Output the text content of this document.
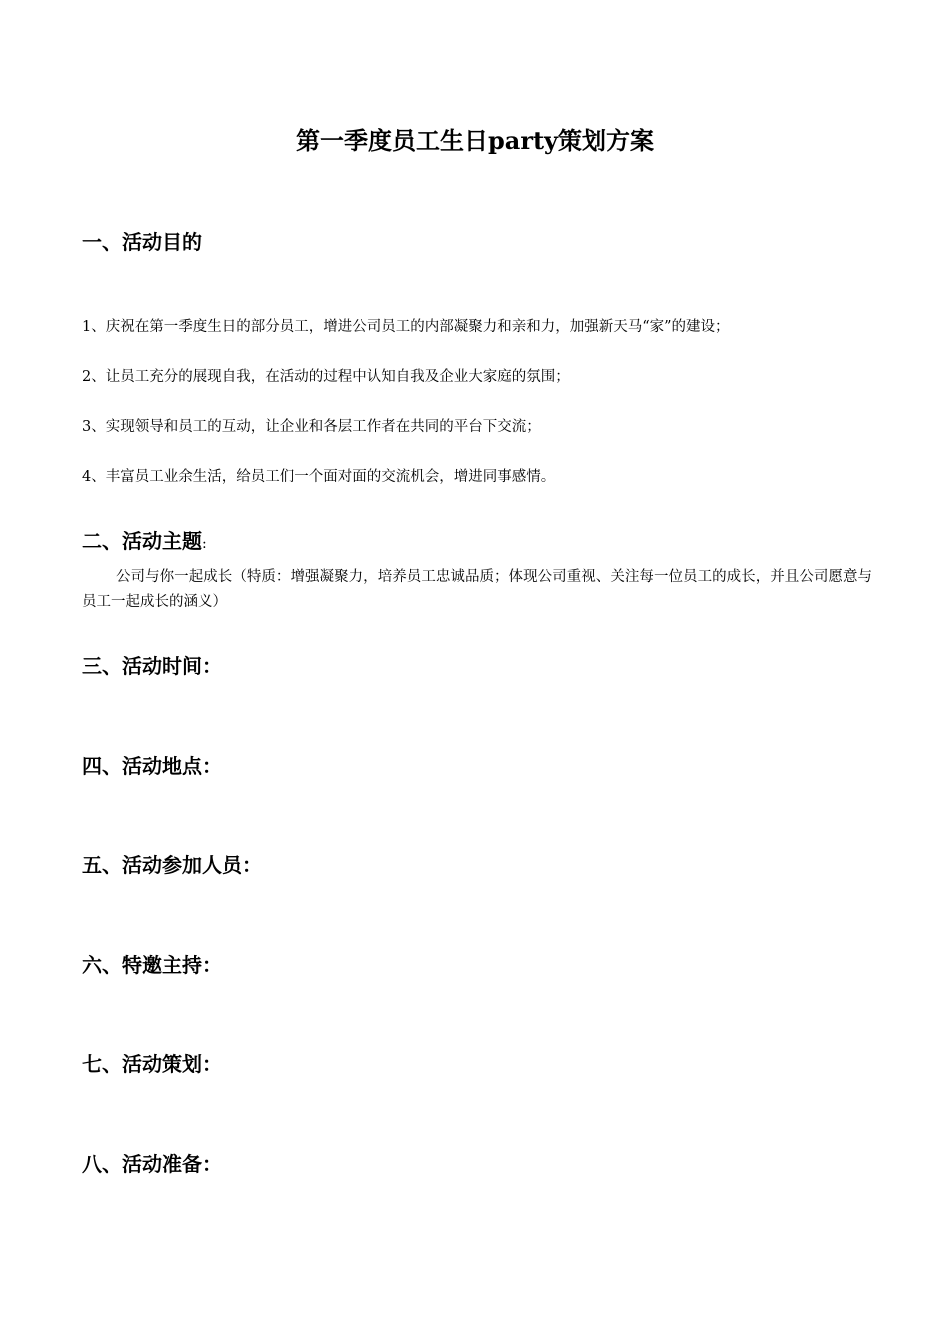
第一季度员工生日party策划方案
一、活动目的

1、庆祝在第一季度生日的部分员工，增进公司员工的内部凝聚力和亲和力，加强新天马“家”的建设；

2、让员工充分的展现自我，在活动的过程中认知自我及企业大家庭的氛围；

3、实现领导和员工的互动，让企业和各层工作者在共同的平台下交流；

4、丰富员工业余生活，给员工们一个面对面的交流机会，增进同事感情。

二、活动主题:

公司与你一起成长（特质：增强凝聚力，培养员工忠诚品质；体现公司重视、关注每一位员工的成长，并且公司愿意与员工一起成长的涵义）

三、活动时间：
四、活动地点：
五、活动参加人员：
六、特邀主持：
七、活动策划：
八、活动准备：
